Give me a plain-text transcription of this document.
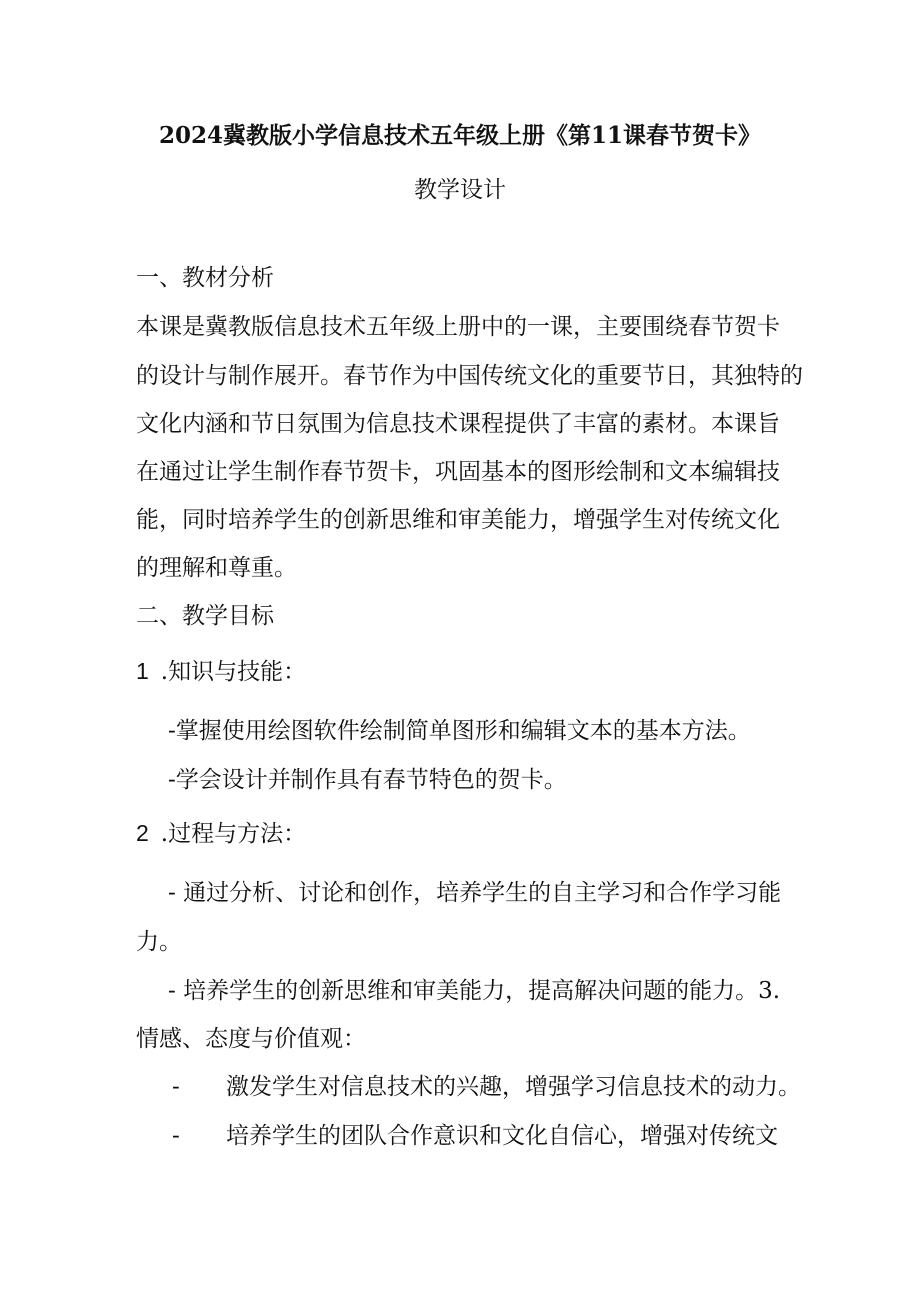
2024冀教版小学信息技术五年级上册《第11课春节贺卡》
教学设计
一、教材分析
本课是冀教版信息技术五年级上册中的一课，主要围绕春节贺卡
的设计与制作展开。春节作为中国传统文化的重要节日，其独特的
文化内涵和节日氛围为信息技术课程提供了丰富的素材。本课旨
在通过让学生制作春节贺卡，巩固基本的图形绘制和文本编辑技
能，同时培养学生的创新思维和审美能力，增强学生对传统文化
的理解和尊重。
二、教学目标
1 .知识与技能：
-掌握使用绘图软件绘制简单图形和编辑文本的基本方法。
-学会设计并制作具有春节特色的贺卡。
2 .过程与方法：
- 通过分析、讨论和创作，培养学生的自主学习和合作学习能
力。
- 培养学生的创新思维和审美能力，提高解决问题的能力。3.
情感、态度与价值观：
- 激发学生对信息技术的兴趣，增强学习信息技术的动力。
- 培养学生的团队合作意识和文化自信心，增强对传统文
